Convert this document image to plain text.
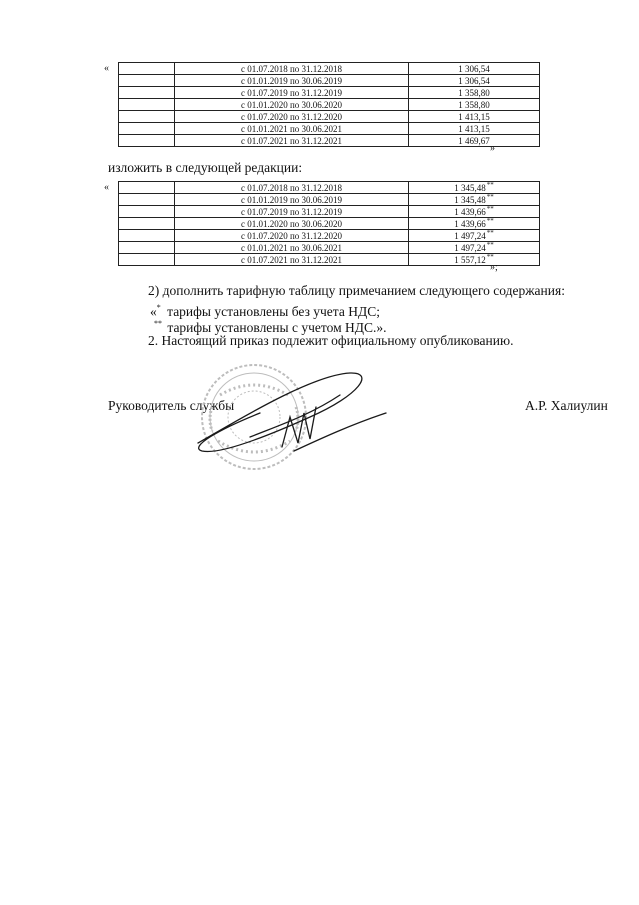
«
		с 01.07.2018 по 31.12.2018	1 306,54
	с 01.01.2019 по 30.06.2019	1 306,54
	с 01.07.2019 по 31.12.2019	1 358,80
	с 01.01.2020 по 30.06.2020	1 358,80
	с 01.07.2020 по 31.12.2020	1 413,15
	с 01.01.2021 по 30.06.2021	1 413,15
	с 01.07.2021 по 31.12.2021	1 469,67
»
изложить в следующей редакции:
«
		с 01.07.2018 по 31.12.2018	1 345,48**
	с 01.01.2019 по 30.06.2019	1 345,48**
	с 01.07.2019 по 31.12.2019	1 439,66**
	с 01.01.2020 по 30.06.2020	1 439,66**
	с 01.07.2020 по 31.12.2020	1 497,24**
	с 01.01.2021 по 30.06.2021	1 497,24**
	с 01.07.2021 по 31.12.2021	1 557,12**
»;
2) дополнить тарифную таблицу примечанием следующего содержания:
«* тарифы установлены без учета НДС;
** тарифы установлены с учетом НДС.».
2. Настоящий приказ подлежит официальному опубликованию.
Руководитель службы	А.Р. Халиулин
